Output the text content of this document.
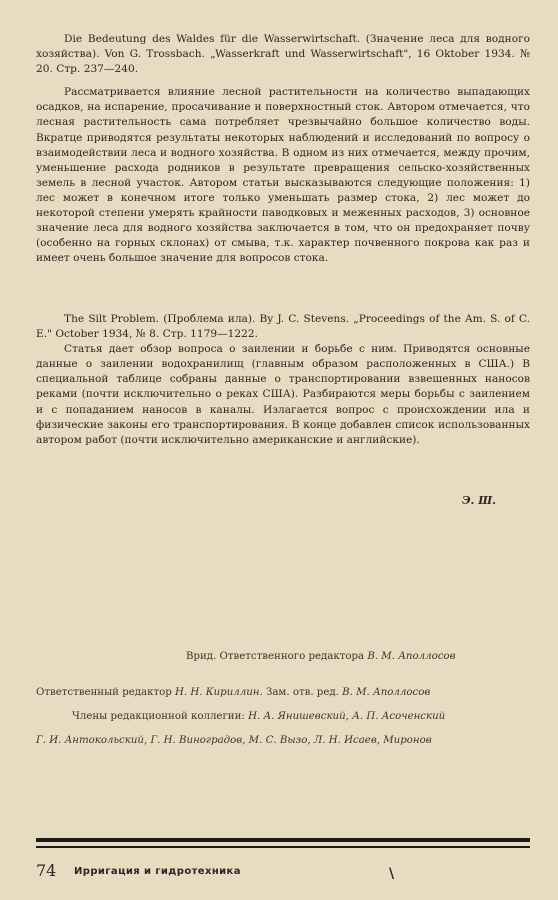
Die Bedeutung des Waldes für die Wasserwirtschaft. (Значение леса для водного хозяйства). Von G. Trossbach. „Wasserkraft und Wasserwirtschaft", 16 Oktober 1934. № 20. Стр. 237—240.
Рассматривается влияние лесной растительности на количество выпадающих осадков, на испарение, просачивание и поверхностный сток. Автором отмечается, что лесная растительность сама потребляет чрезвычайно большое количество воды. Вкратце приводятся результаты некоторых наблюдений и исследований по вопросу о взаимодействии леса и водного хозяйства. В одном из них отмечается, между прочим, уменьшение расхода родников в результате превращения сельско-хозяйственных земель в лесной участок. Автором статьи высказываются следующие положения: 1) лес может в конечном итоге только уменьшать размер стока, 2) лес может до некоторой степени умерять крайности паводковых и меженных расходов, 3) основное значение леса для водного хозяйства заключается в том, что он предохраняет почву (особенно на горных склонах) от смыва, т.к. характер почвенного покрова как раз и имеет очень большое значение для вопросов стока.
The Silt Problem. (Проблема ила). By J. C. Stevens. „Proceedings of the Am. S. of C. E." October 1934, № 8. Стр. 1179—1222.
Статья дает обзор вопроса о заилении и борьбе с ним. Приводятся основные данные о заилении водохранилищ (главным образом расположенных в США.) В специальной таблице собраны данные о транспортировании взвешенных наносов реками (почти исключительно о реках США). Разбираются меры борьбы с заилением и с попаданием наносов в каналы. Излагается вопрос с происхождении ила и физические законы его транспортирования. В конце добавлен список использованных автором работ (почти исключительно американские и английские).
Э. Ш.
Врид. Ответственного редактора В. М. Аполлосов
Ответственный редактор Н. Н. Кириллин. Зам. отв. ред. В. М. Аполлосов
Члены редакционной коллегии: Н. А. Янишевский, А. П. Асоченский
Г. И. Антокольский, Г. Н. Виноградов, М. С. Вызо, Л. Н. Исаев, Миронов
74 Ирригация и гидротехника	\
